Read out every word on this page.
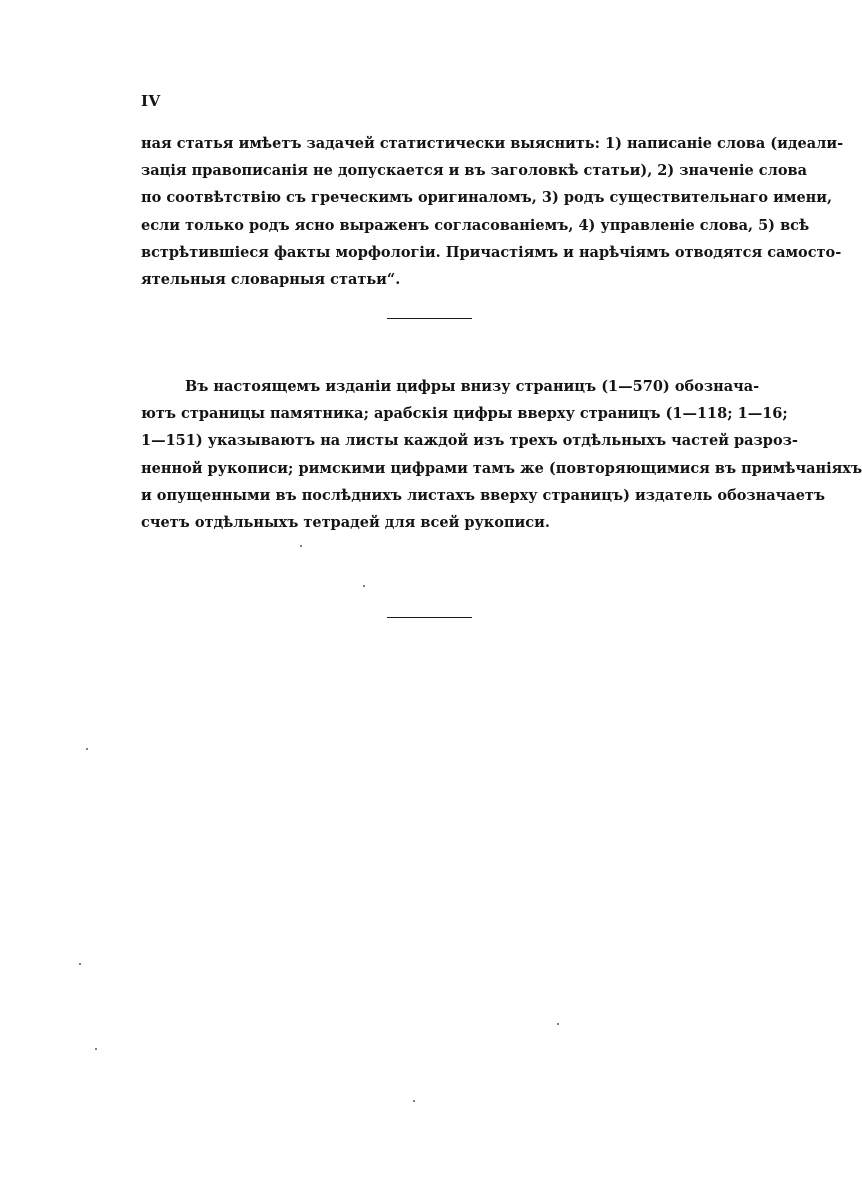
IV
ная статья имѣетъ задачей статистически выяснить: 1) написаніе слова (идеали-
зація правописанія не допускается и въ заголовкѣ статьи), 2) значеніе слова
по соотвѣтствію съ греческимъ оригиналомъ, 3) родъ существительнаго имени,
если только родъ ясно выраженъ согласованіемъ, 4) управленіе слова, 5) всѣ
встрѣтившіеся факты морфологіи. Причастіямъ и нарѣчіямъ отводятся самосто-
ятельныя словарныя статьи“.
Въ настоящемъ изданіи цифры внизу страницъ (1—570) обознача-
ютъ страницы памятника; арабскія цифры вверху страницъ (1—118; 1—16;
1—151) указываютъ на листы каждой изъ трехъ отдѣльныхъ частей разроз-
ненной рукописи; римскими цифрами тамъ же (повторяющимися въ примѣчаніяхъ
и опущенными въ послѣднихъ листахъ вверху страницъ) издатель обозначаетъ
счетъ отдѣльныхъ тетрадей для всей рукописи.
